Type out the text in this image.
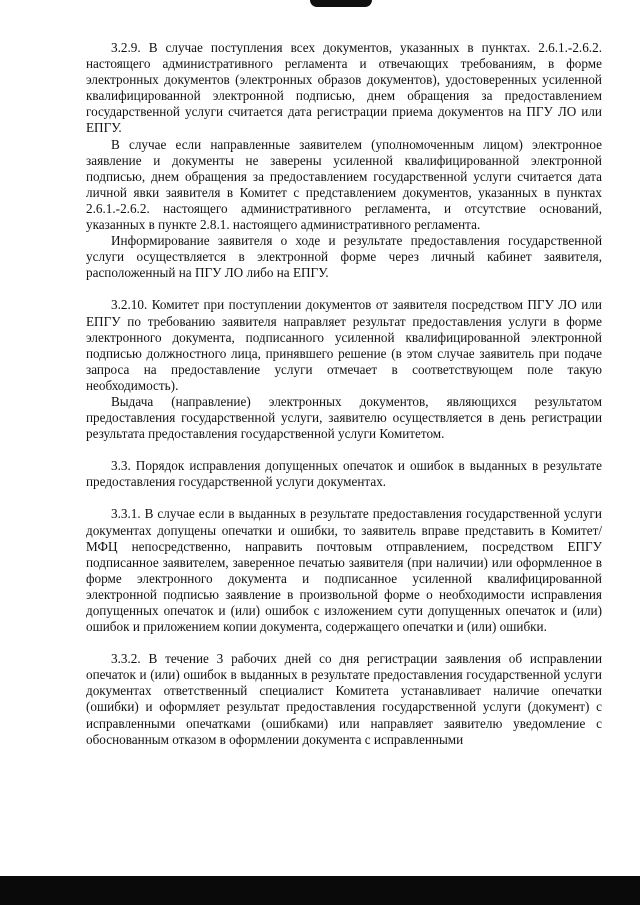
3.2.9. В случае поступления всех документов, указанных в пунктах. 2.6.1.-2.6.2. настоящего административного регламента и отвечающих требованиям, в форме электронных документов (электронных образов документов), удостоверенных усиленной квалифицированной электронной подписью, днем обращения за предоставлением государственной услуги считается дата регистрации приема документов на ПГУ ЛО или ЕПГУ.

В случае если направленные заявителем (уполномоченным лицом) электронное заявление и документы не заверены усиленной квалифицированной электронной подписью, днем обращения за предоставлением государственной услуги считается дата личной явки заявителя в Комитет с представлением документов, указанных в пунктах 2.6.1.-2.6.2. настоящего административного регламента, и отсутствие оснований, указанных в пункте 2.8.1. настоящего административного регламента.

Информирование заявителя о ходе и результате предоставления государственной услуги осуществляется в электронной форме через личный кабинет заявителя, расположенный на ПГУ ЛО либо на ЕПГУ.

3.2.10. Комитет при поступлении документов от заявителя посредством ПГУ ЛО или ЕПГУ по требованию заявителя направляет результат предоставления услуги в форме электронного документа, подписанного усиленной квалифицированной электронной подписью должностного лица, принявшего решение (в этом случае заявитель при подаче запроса на предоставление услуги отмечает в соответствующем поле такую необходимость).

Выдача (направление) электронных документов, являющихся результатом предоставления государственной услуги, заявителю осуществляется в день регистрации результата предоставления государственной услуги Комитетом.

3.3. Порядок исправления допущенных опечаток и ошибок в выданных в результате предоставления государственной услуги документах.

3.3.1. В случае если в выданных в результате предоставления государственной услуги документах допущены опечатки и ошибки, то заявитель вправе представить в Комитет/МФЦ непосредственно, направить почтовым отправлением, посредством ЕПГУ подписанное заявителем, заверенное печатью заявителя (при наличии) или оформленное в форме электронного документа и подписанное усиленной квалифицированной электронной подписью заявление в произвольной форме о необходимости исправления допущенных опечаток и (или) ошибок с изложением сути допущенных опечаток и (или) ошибок и приложением копии документа, содержащего опечатки и (или) ошибки.

3.3.2. В течение 3 рабочих дней со дня регистрации заявления об исправлении опечаток и (или) ошибок в выданных в результате предоставления государственной услуги документах ответственный специалист Комитета устанавливает наличие опечатки (ошибки) и оформляет результат предоставления государственной услуги (документ) с исправленными опечатками (ошибками) или направляет заявителю уведомление с обоснованным отказом в оформлении документа с исправленными
